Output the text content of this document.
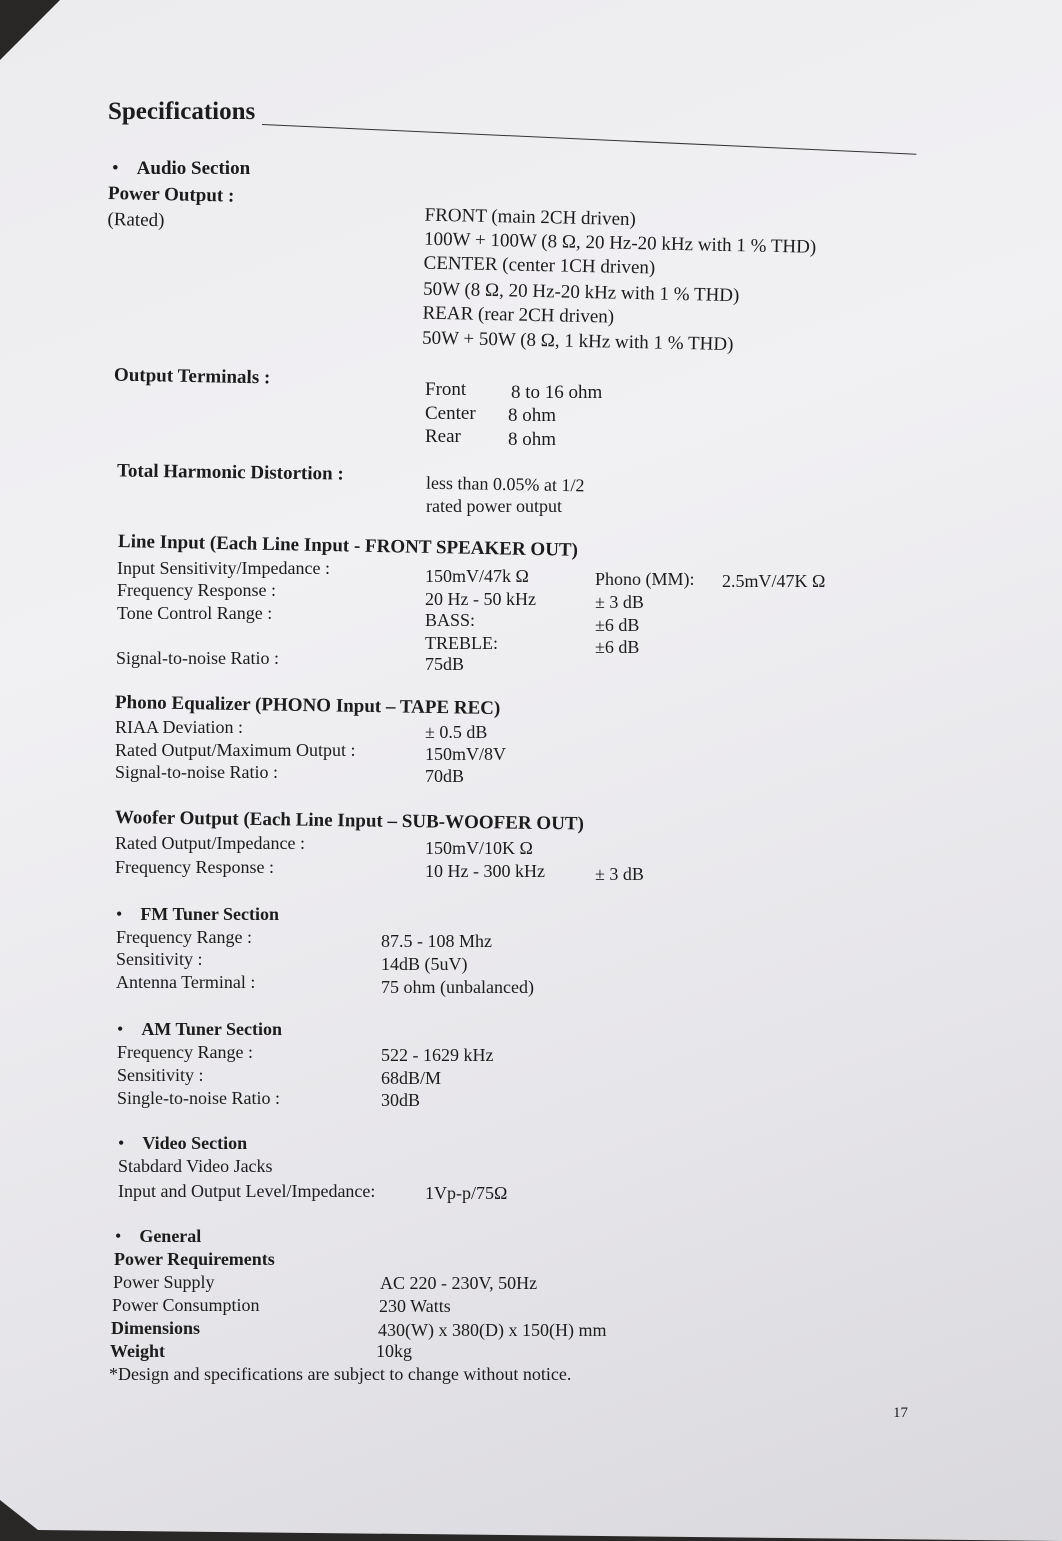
Specifications
• Audio Section
Power Output :
(Rated)	FRONT (main 2CH driven)
100W + 100W (8 Ω, 20 Hz-20 kHz with 1 % THD)
CENTER (center 1CH driven)
50W (8 Ω, 20 Hz-20 kHz with 1 % THD)
REAR (rear 2CH driven)
50W + 50W (8 Ω, 1 kHz with 1 % THD)
Output Terminals :
Front 8 to 16 ohm
Center 8 ohm
Rear 8 ohm
Total Harmonic Distortion :	less than 0.05% at 1/2
rated power output
Line Input (Each Line Input - FRONT SPEAKER OUT)
Input Sensitivity/Impedance :	150mV/47k Ω	Phono (MM): 2.5mV/47K Ω
Frequency Response :	20 Hz - 50 kHz	± 3 dB
Tone Control Range :	BASS:	±6 dB
TREBLE:	±6 dB
Signal-to-noise Ratio :	75dB
Phono Equalizer (PHONO Input – TAPE REC)
RIAA Deviation :	± 0.5 dB
Rated Output/Maximum Output :	150mV/8V
Signal-to-noise Ratio :	70dB
Woofer Output (Each Line Input – SUB-WOOFER OUT)
Rated Output/Impedance :	150mV/10K Ω
Frequency Response :	10 Hz - 300 kHz	± 3 dB
• FM Tuner Section
Frequency Range :	87.5 - 108 Mhz
Sensitivity :	14dB (5uV)
Antenna Terminal :	75 ohm (unbalanced)
• AM Tuner Section
Frequency Range :	522 - 1629 kHz
Sensitivity :	68dB/M
Single-to-noise Ratio :	30dB
• Video Section
Stabdard Video Jacks
Input and Output Level/Impedance:	1Vp-p/75Ω
• General
Power Requirements
Power Supply	AC 220 - 230V, 50Hz
Power Consumption	230 Watts
Dimensions	430(W) x 380(D) x 150(H) mm
Weight	10kg
*Design and specifications are subject to change without notice.
17
